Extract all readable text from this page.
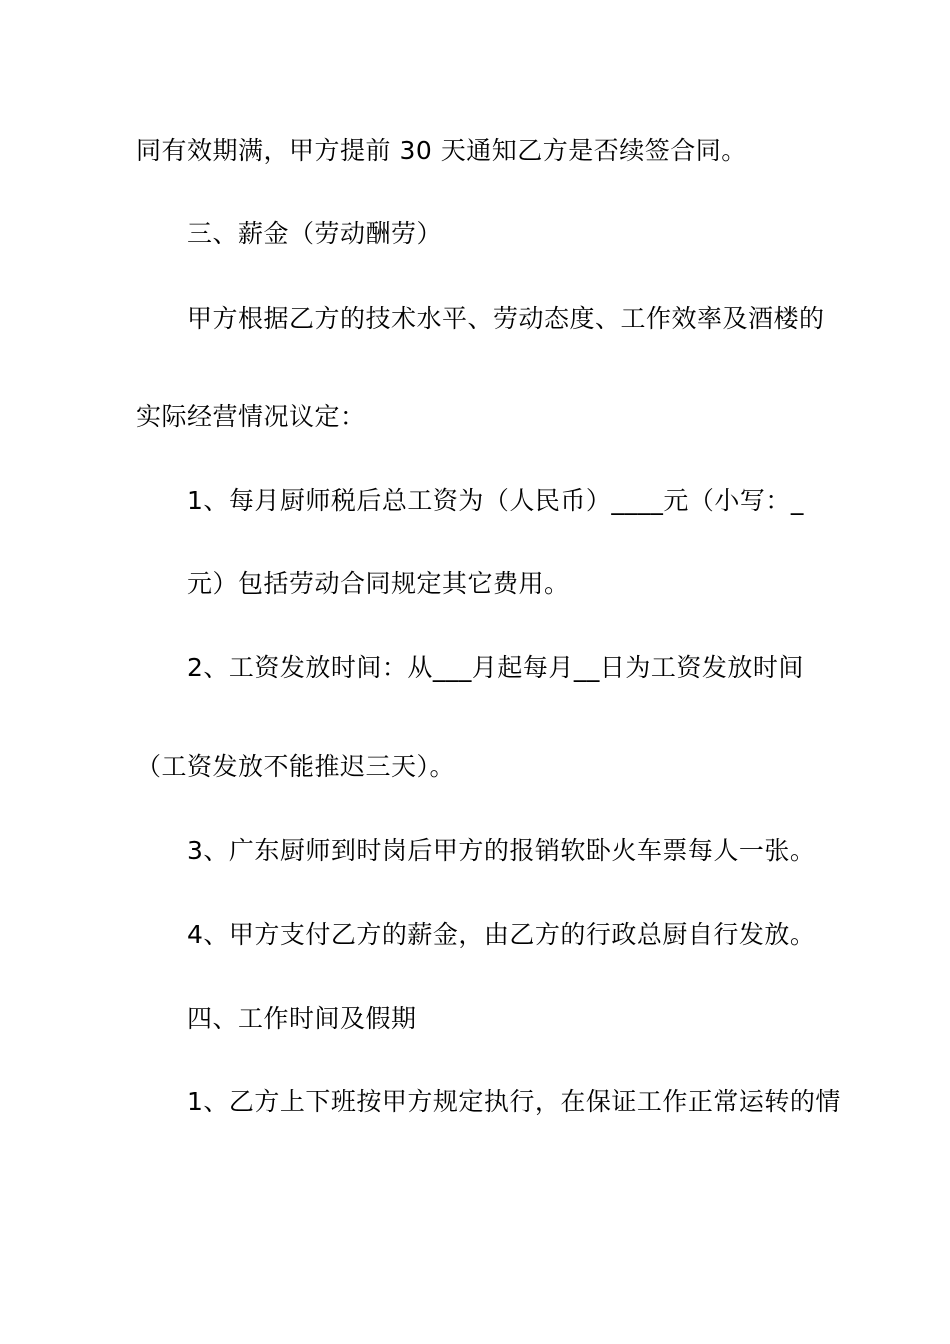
同有效期满，甲方提前 30 天通知乙方是否续签合同。
三、薪金（劳动酬劳）
甲方根据乙方的技术水平、劳动态度、工作效率及酒楼的
实际经营情况议定：
1、每月厨师税后总工资为（人民币）____元（小写：_
元）包括劳动合同规定其它费用。
2、工资发放时间：从___月起每月__日为工资发放时间
（工资发放不能推迟三天）。
3、广东厨师到时岗后甲方的报销软卧火车票每人一张。
4、甲方支付乙方的薪金，由乙方的行政总厨自行发放。
四、工作时间及假期
1、乙方上下班按甲方规定执行，在保证工作正常运转的情
